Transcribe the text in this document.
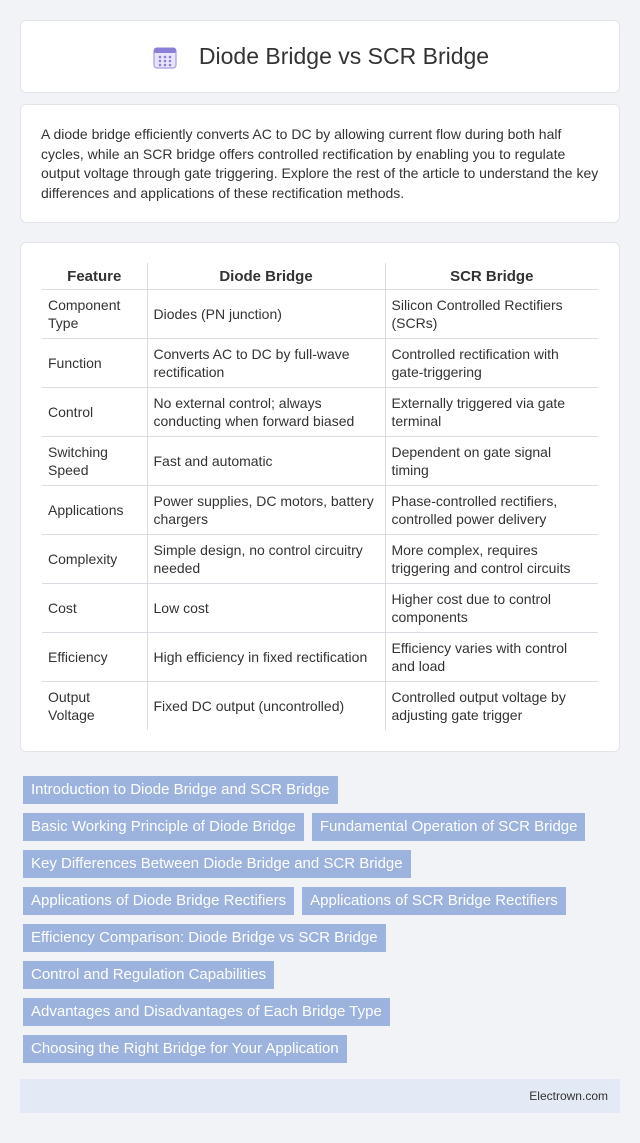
Diode Bridge vs SCR Bridge

A diode bridge efficiently converts AC to DC by allowing current flow during both half cycles, while an SCR bridge offers controlled rectification by enabling you to regulate output voltage through gate triggering. Explore the rest of the article to understand the key differences and applications of these rectification methods.

Feature	Diode Bridge	SCR Bridge
Component Type	Diodes (PN junction)	Silicon Controlled Rectifiers (SCRs)
Function	Converts AC to DC by full-wave rectification	Controlled rectification with gate-triggering
Control	No external control; always conducting when forward biased	Externally triggered via gate terminal
Switching Speed	Fast and automatic	Dependent on gate signal timing
Applications	Power supplies, DC motors, battery chargers	Phase-controlled rectifiers, controlled power delivery
Complexity	Simple design, no control circuitry needed	More complex, requires triggering and control circuits
Cost	Low cost	Higher cost due to control components
Efficiency	High efficiency in fixed rectification	Efficiency varies with control and load
Output Voltage	Fixed DC output (uncontrolled)	Controlled output voltage by adjusting gate trigger
Introduction to Diode Bridge and SCR Bridge
Basic Working Principle of Diode Bridge	Fundamental Operation of SCR Bridge
Key Differences Between Diode Bridge and SCR Bridge
Applications of Diode Bridge Rectifiers	Applications of SCR Bridge Rectifiers
Efficiency Comparison: Diode Bridge vs SCR Bridge
Control and Regulation Capabilities
Advantages and Disadvantages of Each Bridge Type
Choosing the Right Bridge for Your Application
Electrown.com
